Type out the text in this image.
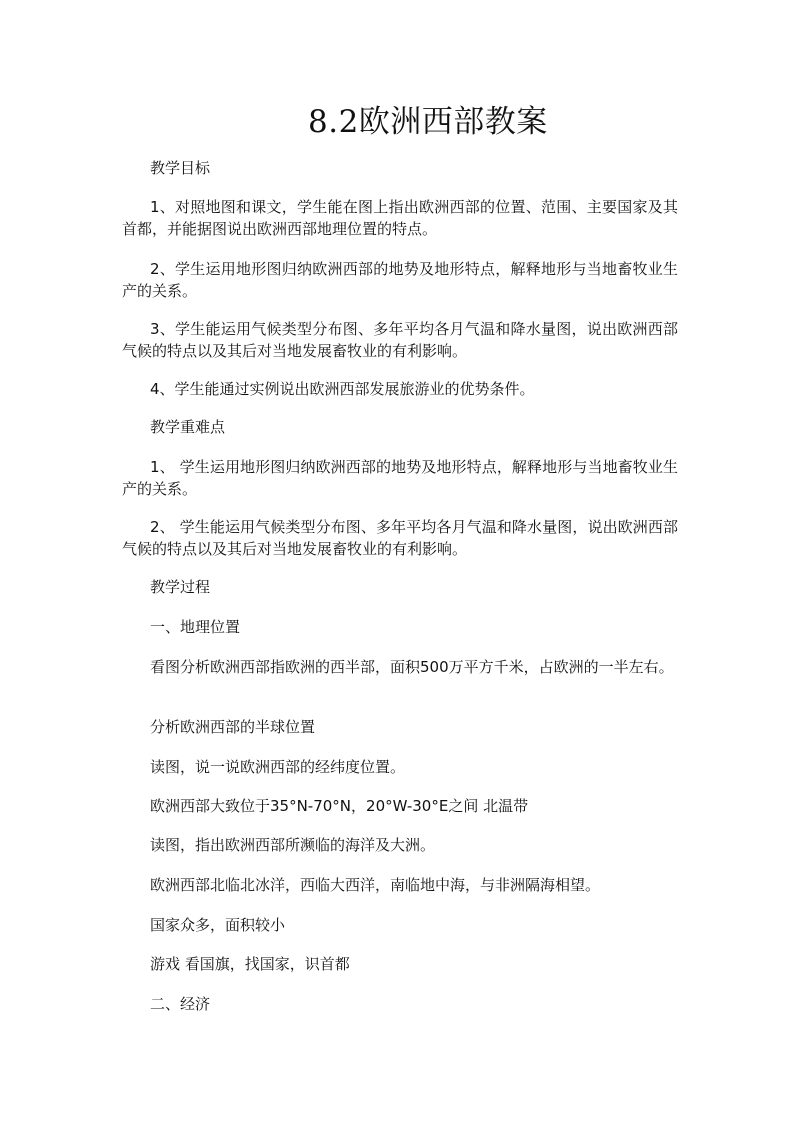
8.2欧洲西部教案
教学目标
1、对照地图和课文，学生能在图上指出欧洲西部的位置、范围、主要国家及其首都，并能据图说出欧洲西部地理位置的特点。
2、学生运用地形图归纳欧洲西部的地势及地形特点，解释地形与当地畜牧业生产的关系。
3、学生能运用气候类型分布图、多年平均各月气温和降水量图，说出欧洲西部气候的特点以及其后对当地发展畜牧业的有利影响。
4、学生能通过实例说出欧洲西部发展旅游业的优势条件。
教学重难点
1、 学生运用地形图归纳欧洲西部的地势及地形特点，解释地形与当地畜牧业生产的关系。
2、 学生能运用气候类型分布图、多年平均各月气温和降水量图，说出欧洲西部气候的特点以及其后对当地发展畜牧业的有利影响。
教学过程
一、地理位置
看图分析欧洲西部指欧洲的西半部，面积500万平方千米，占欧洲的一半左右。
分析欧洲西部的半球位置
读图，说一说欧洲西部的经纬度位置。
欧洲西部大致位于35°N-70°N，20°W-30°E之间 北温带
读图，指出欧洲西部所濒临的海洋及大洲。
欧洲西部北临北冰洋，西临大西洋，南临地中海，与非洲隔海相望。
国家众多，面积较小
游戏 看国旗，找国家，识首都
二、经济
